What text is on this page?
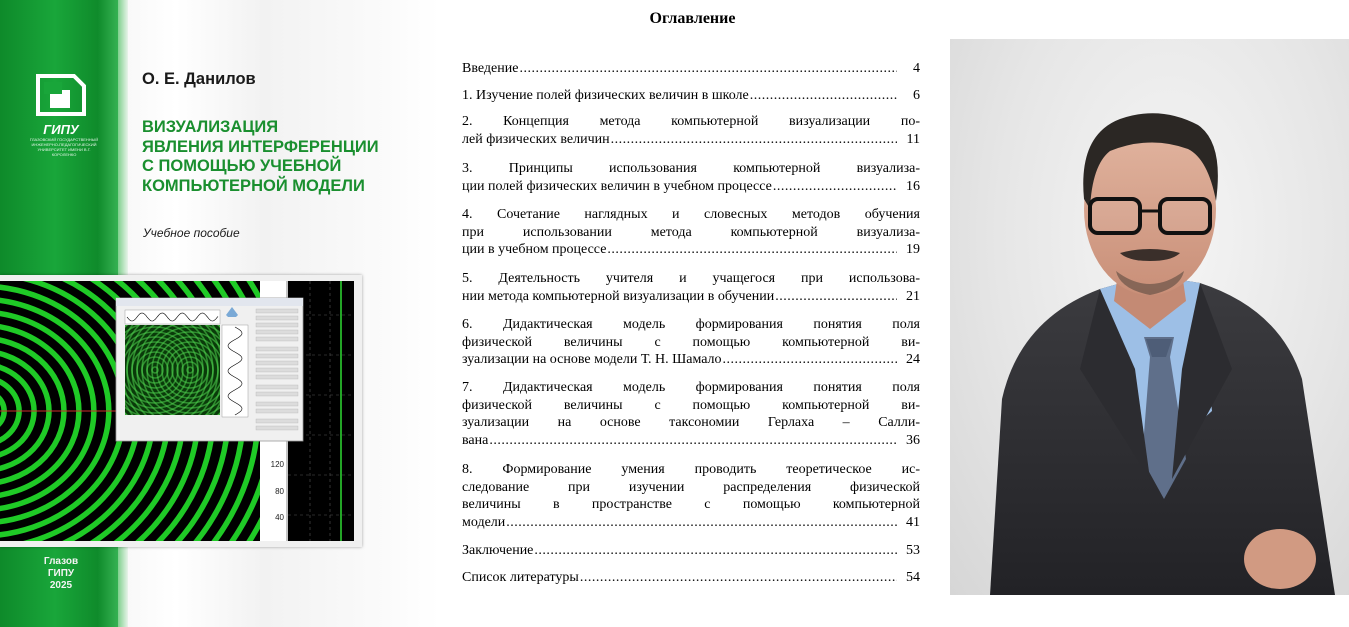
ГИПУ
ГЛАЗОВСКИЙ ГОСУДАРСТВЕННЫЙ ИНЖЕНЕРНО-ПЕДАГОГИЧЕСКИЙ УНИВЕРСИТЕТ ИМЕНИ В.Г. КОРОЛЕНКО
О. Е. Данилов
ВИЗУАЛИЗАЦИЯ
ЯВЛЕНИЯ ИНТЕРФЕРЕНЦИИ
С ПОМОЩЬЮ УЧЕБНОЙ
КОМПЬЮТЕРНОЙ МОДЕЛИ
Учебное пособие
120
80
40
Глазов
ГИПУ
2025
Оглавление
Введение .....	4
1. Изучение полей физических величин в школе .....	6
2. Концепция метода компьютерной визуализации по-
лей физических величин .....	11
3. Принципы использования компьютерной визуализа-
ции полей физических величин в учебном процессе .....	16
4. Сочетание наглядных и словесных методов обучения
при использовании метода компьютерной визуализа-
ции в учебном процессе .....	19
5. Деятельность учителя и учащегося при использова-
нии метода компьютерной визуализации в обучении .....	21
6. Дидактическая модель формирования понятия поля
физической величины с помощью компьютерной ви-
зуализации на основе модели Т. Н. Шамало .....	24
7. Дидактическая модель формирования понятия поля
физической величины с помощью компьютерной ви-
зуализации на основе таксономии Герлаха – Салли-
вана .....	36
8. Формирование умения проводить теоретическое ис-
следование при изучении распределения физической
величины в пространстве с помощью компьютерной
модели .....	41
Заключение .....	53
Список литературы .....	54
